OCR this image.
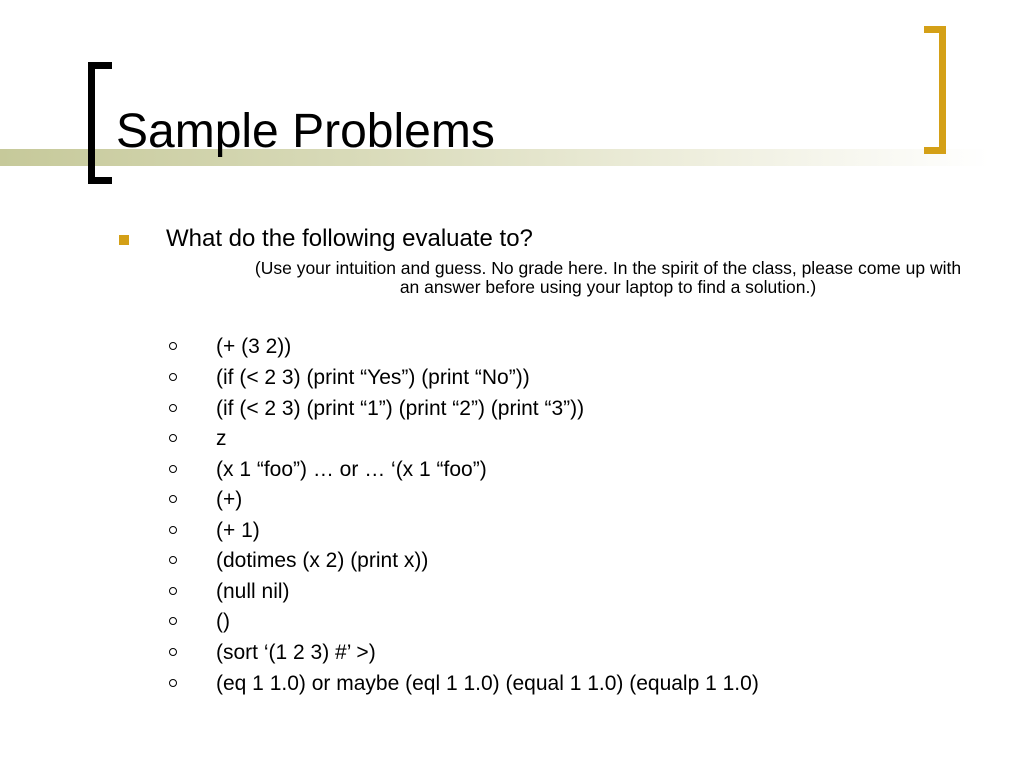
Sample Problems
What do the following evaluate to?
(Use your intuition and guess. No grade here. In the spirit of the class, please come up with an answer before using your laptop to find a solution.)
(+ (3 2))
(if (< 2 3) (print “Yes”) (print “No”))
(if (< 2 3) (print “1”) (print “2”) (print “3”))
z
(x 1 “foo”) … or … ‘(x 1 “foo”)
(+)
(+ 1)
(dotimes (x 2) (print x))
(null nil)
()
(sort ‘(1 2 3) #’ >)
(eq 1 1.0) or maybe (eql 1 1.0) (equal 1 1.0) (equalp 1 1.0)
